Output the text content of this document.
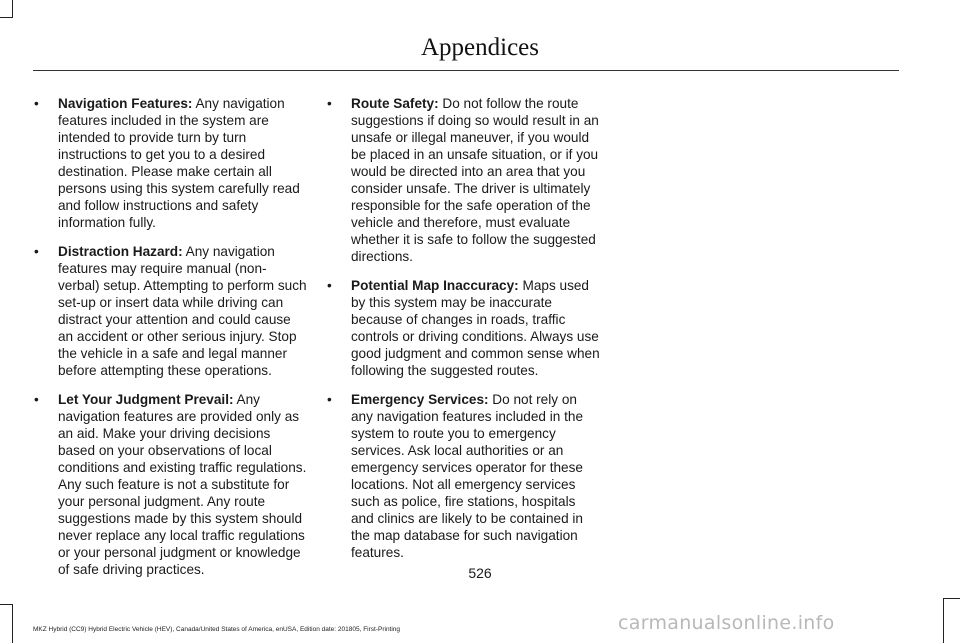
Appendices
• Navigation Features: Any navigation features included in the system are intended to provide turn by turn instructions to get you to a desired destination. Please make certain all persons using this system carefully read and follow instructions and safety information fully.
• Distraction Hazard: Any navigation features may require manual (non-verbal) setup. Attempting to perform such set-up or insert data while driving can distract your attention and could cause an accident or other serious injury. Stop the vehicle in a safe and legal manner before attempting these operations.
• Let Your Judgment Prevail: Any navigation features are provided only as an aid. Make your driving decisions based on your observations of local conditions and existing traffic regulations. Any such feature is not a substitute for your personal judgment. Any route suggestions made by this system should never replace any local traffic regulations or your personal judgment or knowledge of safe driving practices.
• Route Safety: Do not follow the route suggestions if doing so would result in an unsafe or illegal maneuver, if you would be placed in an unsafe situation, or if you would be directed into an area that you consider unsafe. The driver is ultimately responsible for the safe operation of the vehicle and therefore, must evaluate whether it is safe to follow the suggested directions.
• Potential Map Inaccuracy: Maps used by this system may be inaccurate because of changes in roads, traffic controls or driving conditions. Always use good judgment and common sense when following the suggested routes.
• Emergency Services: Do not rely on any navigation features included in the system to route you to emergency services. Ask local authorities or an emergency services operator for these locations. Not all emergency services such as police, fire stations, hospitals and clinics are likely to be contained in the map database for such navigation features.
526
MKZ Hybrid (CC9) Hybrid Electric Vehicle (HEV), Canada/United States of America, enUSA, Edition date: 201805, First-Printing	carmanualsonline.info
